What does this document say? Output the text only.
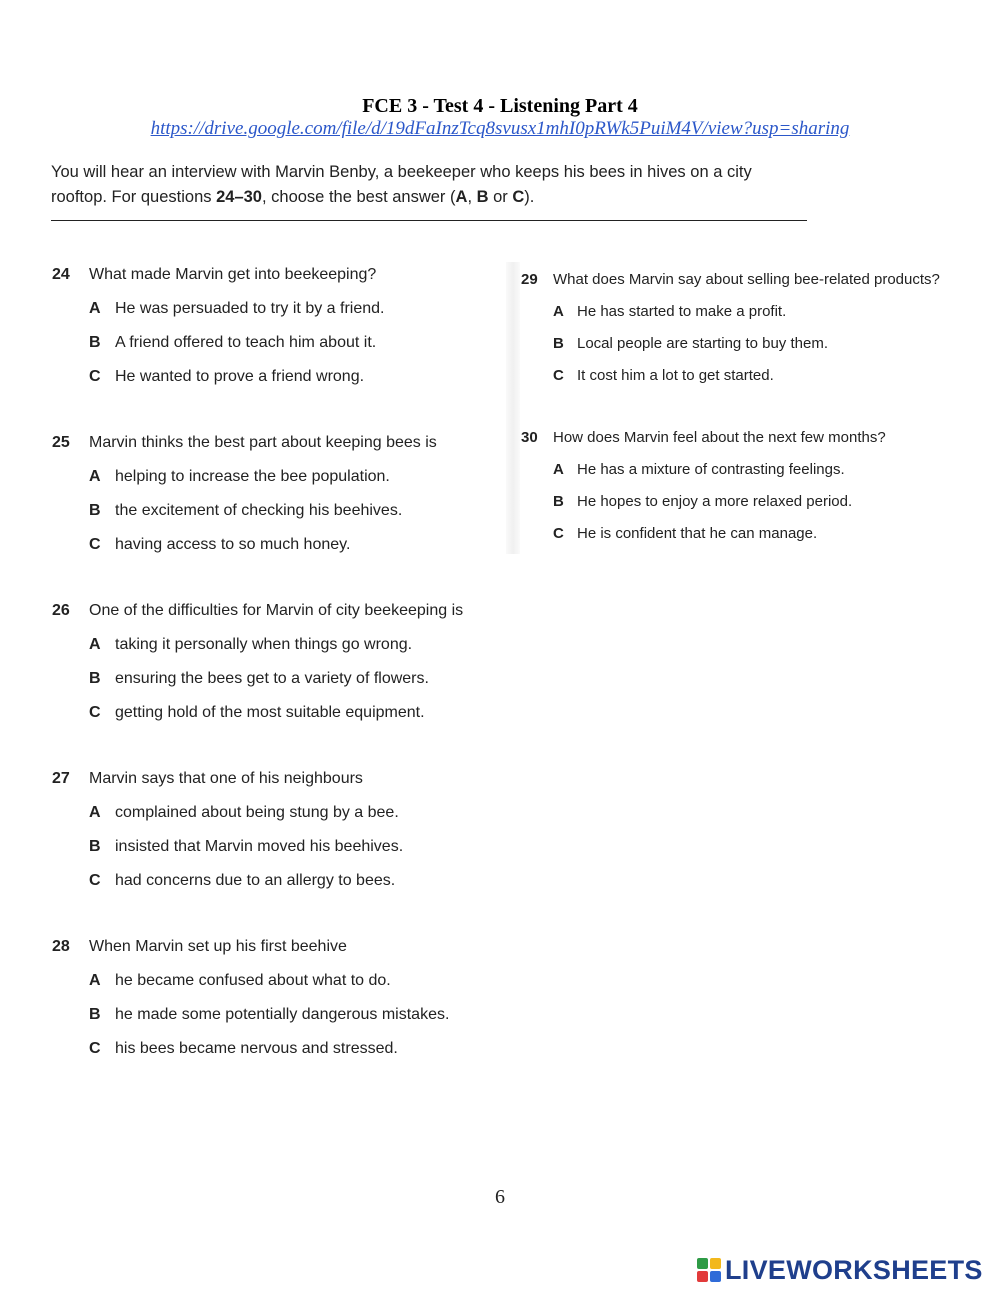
FCE 3 - Test 4 - Listening Part 4
https://drive.google.com/file/d/19dFaInzTcq8svusx1mhI0pRWk5PuiM4V/view?usp=sharing
You will hear an interview with Marvin Benby, a beekeeper who keeps his bees in hives on a city
rooftop. For questions 24–30, choose the best answer (A, B or C).
24 What made Marvin get into beekeeping?
A He was persuaded to try it by a friend.
B A friend offered to teach him about it.
C He wanted to prove a friend wrong.
25 Marvin thinks the best part about keeping bees is
A helping to increase the bee population.
B the excitement of checking his beehives.
C having access to so much honey.
26 One of the difficulties for Marvin of city beekeeping is
A taking it personally when things go wrong.
B ensuring the bees get to a variety of flowers.
C getting hold of the most suitable equipment.
27 Marvin says that one of his neighbours
A complained about being stung by a bee.
B insisted that Marvin moved his beehives.
C had concerns due to an allergy to bees.
28 When Marvin set up his first beehive
A he became confused about what to do.
B he made some potentially dangerous mistakes.
C his bees became nervous and stressed.
29 What does Marvin say about selling bee-related products?
A He has started to make a profit.
B Local people are starting to buy them.
C It cost him a lot to get started.
30 How does Marvin feel about the next few months?
A He has a mixture of contrasting feelings.
B He hopes to enjoy a more relaxed period.
C He is confident that he can manage.
6
LIVEWORKSHEETS
